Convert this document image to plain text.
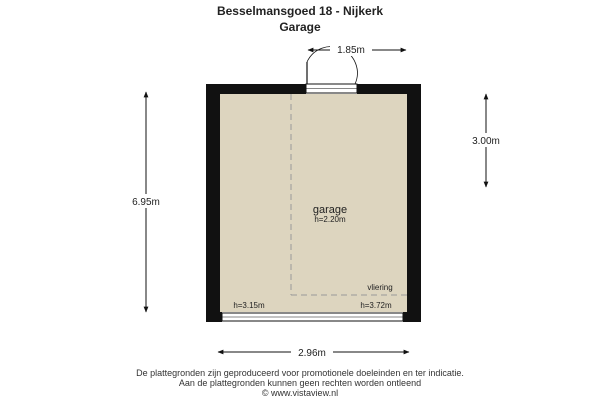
Besselmansgoed 18 - Nijkerk
Garage
garage
h=2.20m
vliering
h=3.15m	h=3.72m
1.85m
3.00m
6.95m
2.96m
De plattegronden zijn geproduceerd voor promotionele doeleinden en ter indicatie.
Aan de plattegronden kunnen geen rechten worden ontleend
© www.vistaview.nl
